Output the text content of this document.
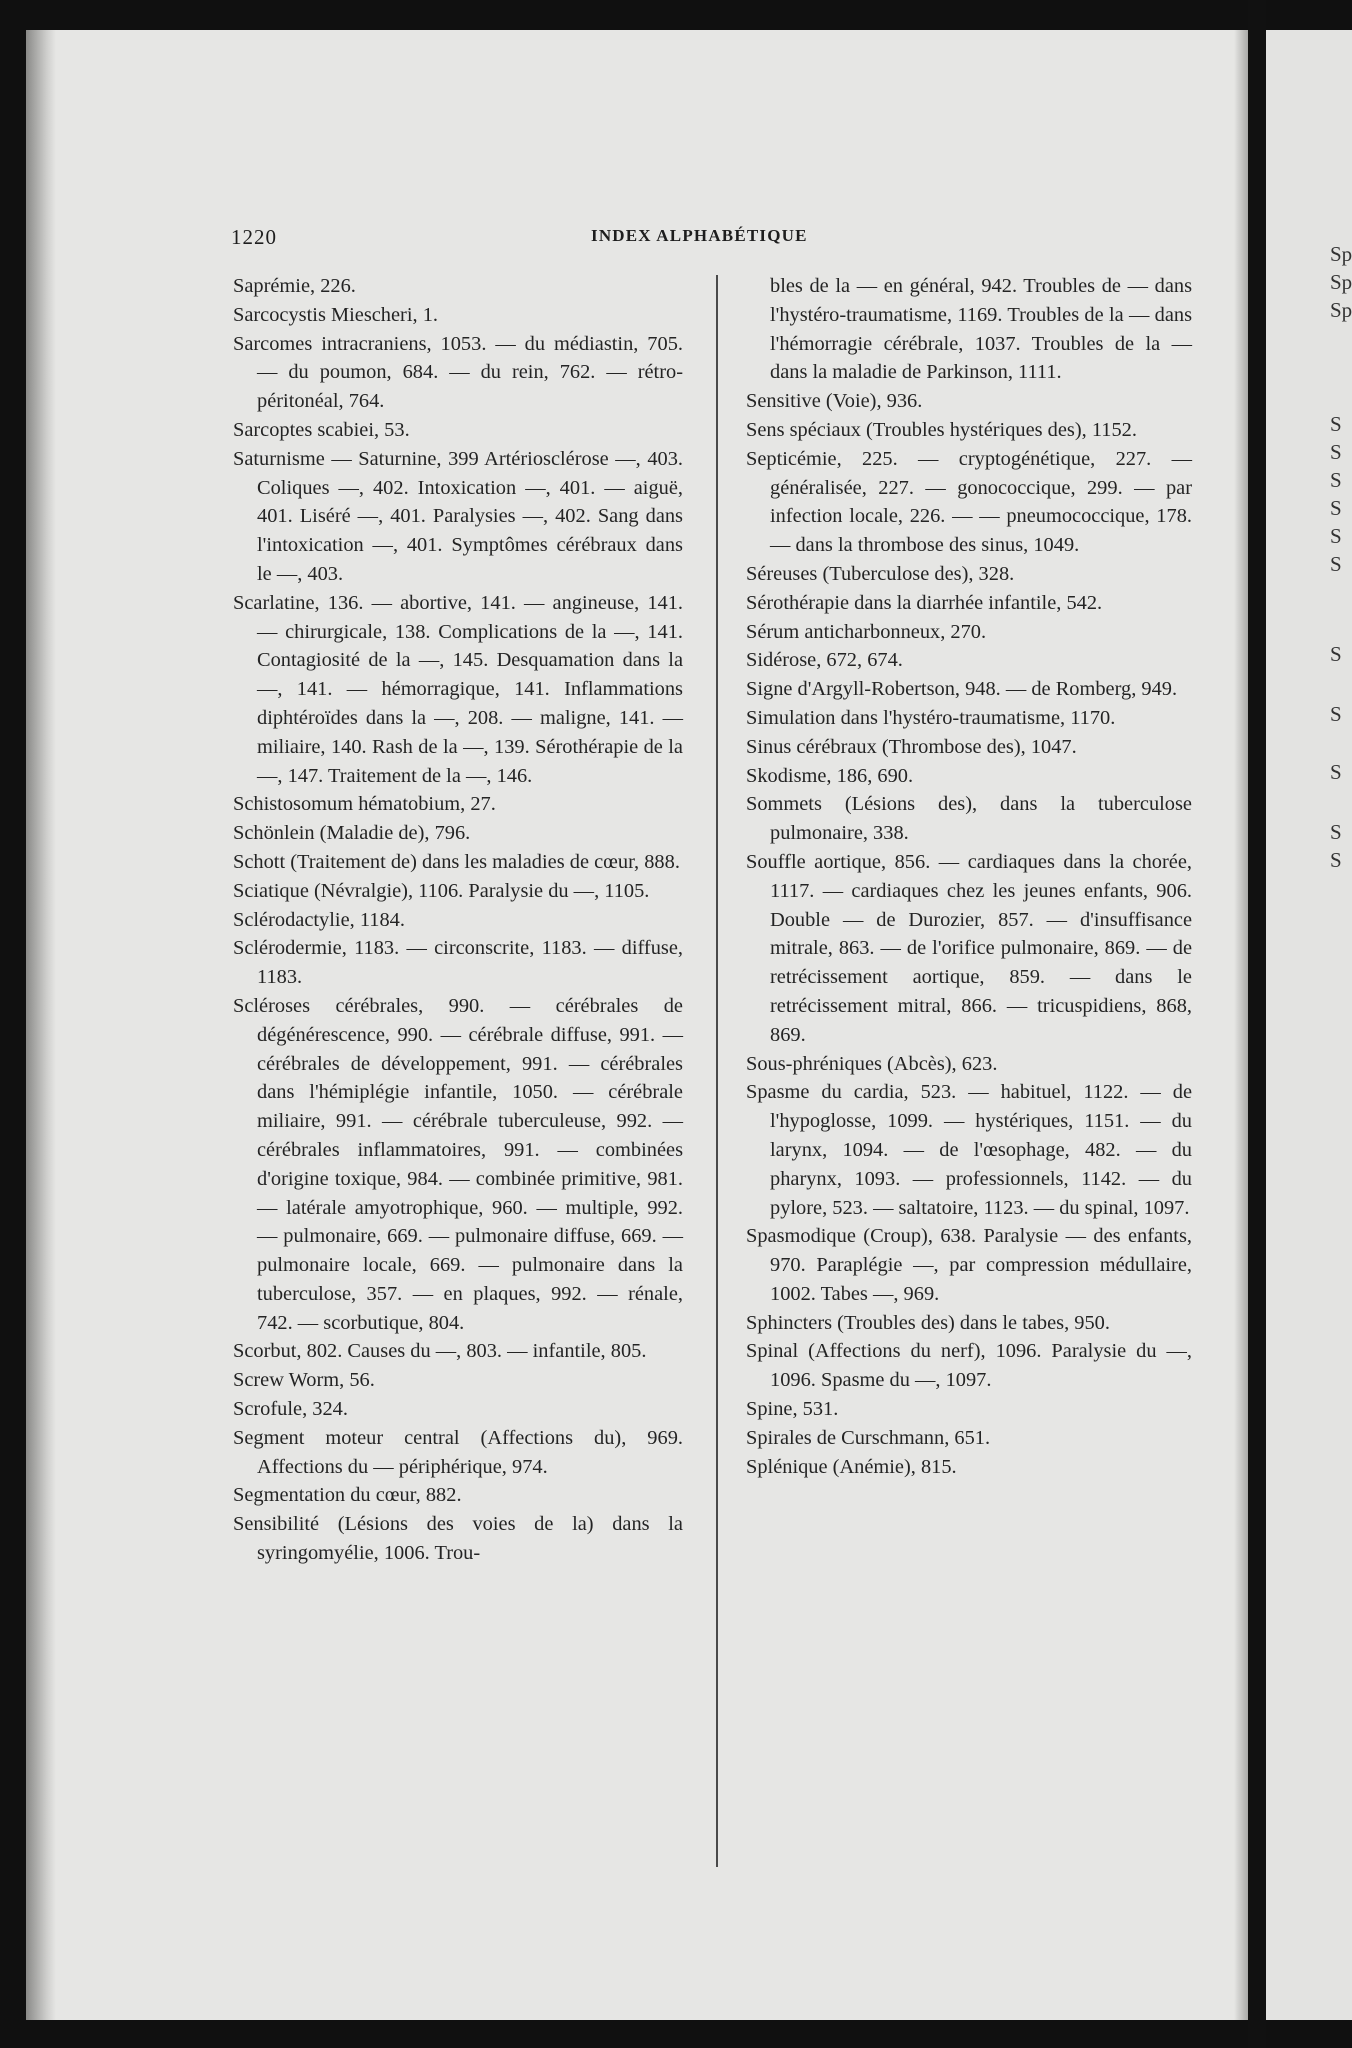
1220	INDEX ALPHABÉTIQUE

Saprémie, 226.

Sarcocystis Miescheri, 1.

Sarcomes intracraniens, 1053. — du médiastin, 705. — du poumon, 684. — du rein, 762. — rétro-péritonéal, 764.

Sarcoptes scabiei, 53.

Saturnisme — Saturnine, 399 Artériosclérose —, 403. Coliques —, 402. Intoxication —, 401. — aiguë, 401. Liséré —, 401. Paralysies —, 402. Sang dans l'intoxication —, 401. Symptômes cérébraux dans le —, 403.

Scarlatine, 136. — abortive, 141. — angineuse, 141. — chirurgicale, 138. Complications de la —, 141. Contagiosité de la —, 145. Desquamation dans la —, 141. — hémorragique, 141. Inflammations diphtéroïdes dans la —, 208. — maligne, 141. — miliaire, 140. Rash de la —, 139. Sérothérapie de la —, 147. Traitement de la —, 146.

Schistosomum hématobium, 27.

Schönlein (Maladie de), 796.

Schott (Traitement de) dans les maladies de cœur, 888.

Sciatique (Névralgie), 1106. Paralysie du —, 1105.

Sclérodactylie, 1184.

Sclérodermie, 1183. — circonscrite, 1183. — diffuse, 1183.

Scléroses cérébrales, 990. — cérébrales de dégénérescence, 990. — cérébrale diffuse, 991. — cérébrales de développement, 991. — cérébrales dans l'hémiplégie infantile, 1050. — cérébrale miliaire, 991. — cérébrale tuberculeuse, 992. — cérébrales inflammatoires, 991. — combinées d'origine toxique, 984. — combinée primitive, 981. — latérale amyotrophique, 960. — multiple, 992. — pulmonaire, 669. — pulmonaire diffuse, 669. — pulmonaire locale, 669. — pulmonaire dans la tuberculose, 357. — en plaques, 992. — rénale, 742. — scorbutique, 804.

Scorbut, 802. Causes du —, 803. — infantile, 805.

Screw Worm, 56.

Scrofule, 324.

Segment moteur central (Affections du), 969. Affections du — périphérique, 974.

Segmentation du cœur, 882.

Sensibilité (Lésions des voies de la) dans la syringomyélie, 1006. Trou-

bles de la — en général, 942. Troubles de — dans l'hystéro-traumatisme, 1169. Troubles de la — dans l'hémorragie cérébrale, 1037. Troubles de la — dans la maladie de Parkinson, 1111.

Sensitive (Voie), 936.

Sens spéciaux (Troubles hystériques des), 1152.

Septicémie, 225. — cryptogénétique, 227. — généralisée, 227. — gonococcique, 299. — par infection locale, 226. — — pneumococcique, 178. — dans la thrombose des sinus, 1049.

Séreuses (Tuberculose des), 328.

Sérothérapie dans la diarrhée infantile, 542.

Sérum anticharbonneux, 270.

Sidérose, 672, 674.

Signe d'Argyll-Robertson, 948. — de Romberg, 949.

Simulation dans l'hystéro-traumatisme, 1170.

Sinus cérébraux (Thrombose des), 1047.

Skodisme, 186, 690.

Sommets (Lésions des), dans la tuberculose pulmonaire, 338.

Souffle aortique, 856. — cardiaques dans la chorée, 1117. — cardiaques chez les jeunes enfants, 906. Double — de Durozier, 857. — d'insuffisance mitrale, 863. — de l'orifice pulmonaire, 869. — de retrécissement aortique, 859. — dans le retrécissement mitral, 866. — tricuspidiens, 868, 869.

Sous-phréniques (Abcès), 623.

Spasme du cardia, 523. — habituel, 1122. — de l'hypoglosse, 1099. — hystériques, 1151. — du larynx, 1094. — de l'œsophage, 482. — du pharynx, 1093. — professionnels, 1142. — du pylore, 523. — saltatoire, 1123. — du spinal, 1097.

Spasmodique (Croup), 638. Paralysie — des enfants, 970. Paraplégie —, par compression médullaire, 1002. Tabes —, 969.

Sphincters (Troubles des) dans le tabes, 950.

Spinal (Affections du nerf), 1096. Paralysie du —, 1096. Spasme du —, 1097.

Spine, 531.

Spirales de Curschmann, 651.

Splénique (Anémie), 815.

Sp
Sp
Sp
S
S
S
S
S
S
S
S
S
S
S
